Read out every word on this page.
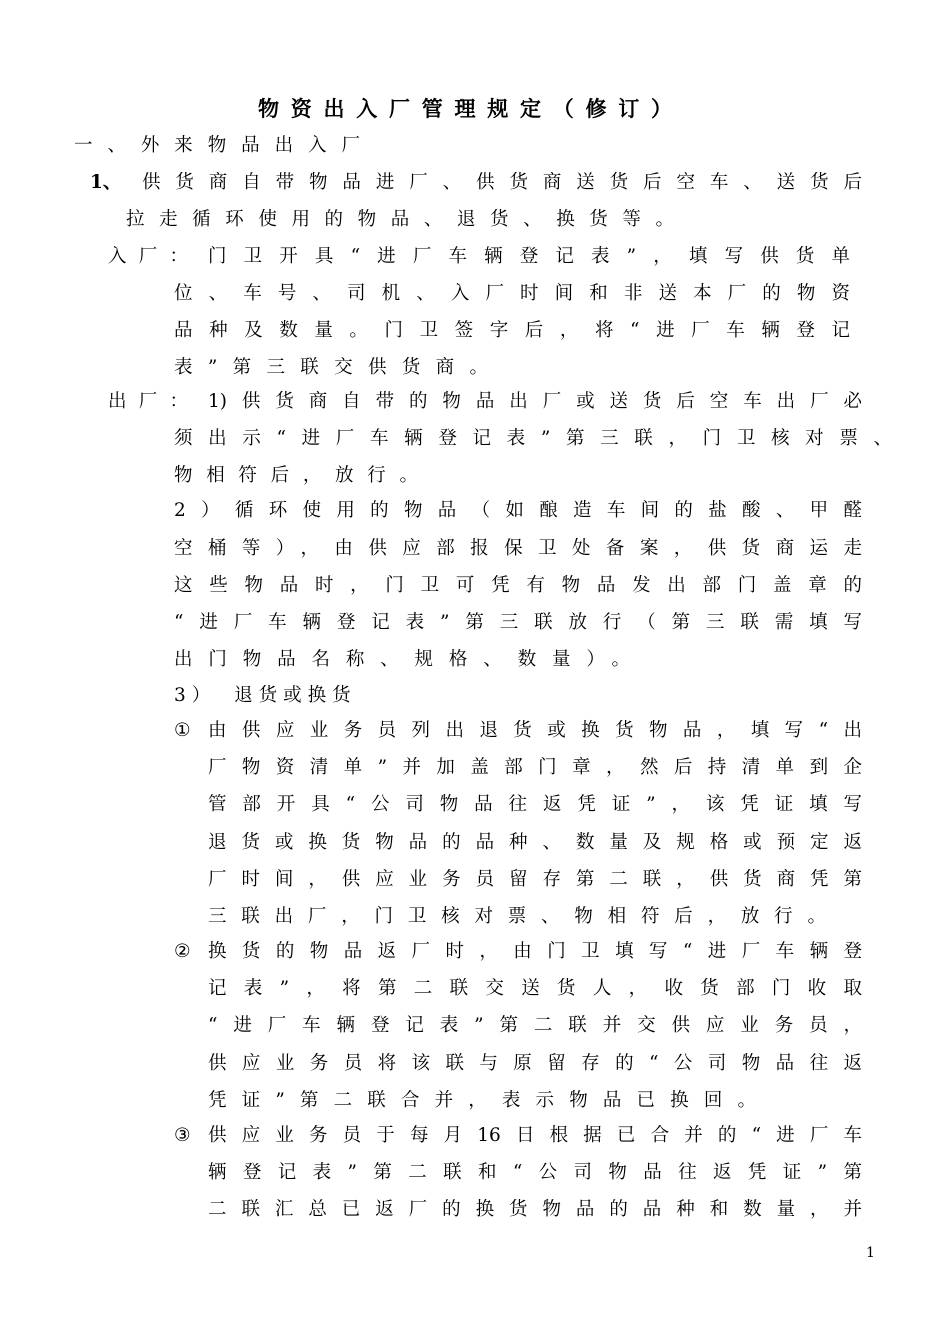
物资出入厂管理规定（修订）
一、外来物品出入厂
1、 供货商自带物品进厂、供货商送货后空车、送货后
拉走循环使用的物品、退货、换货等。
入厂： 门卫开具“进厂车辆登记表”，填写供货单
位、车号、司机、入厂时间和非送本厂的物资
品种及数量。门卫签字后，将“进厂车辆登记
表”第三联交供货商。
出厂： 1)供货商自带的物品出厂或送货后空车出厂必
须出示“进厂车辆登记表”第三联，门卫核对票、
物相符后，放行。
2）循环使用的物品（如酿造车间的盐酸、甲醛
空桶等），由供应部报保卫处备案，供货商运走
这些物品时，门卫可凭有物品发出部门盖章的
“进厂车辆登记表”第三联放行（第三联需填写
出门物品名称、规格、数量）。
3） 退货或换货
① 由供应业务员列出退货或换货物品，填写“出
厂物资清单”并加盖部门章，然后持清单到企
管部开具“公司物品往返凭证”，该凭证填写
退货或换货物品的品种、数量及规格或预定返
厂时间，供应业务员留存第二联，供货商凭第
三联出厂，门卫核对票、物相符后，放行。
② 换货的物品返厂时，由门卫填写“进厂车辆登
记表”，将第二联交送货人，收货部门收取
“进厂车辆登记表”第二联并交供应业务员，
供应业务员将该联与原留存的“公司物品往返
凭证”第二联合并，表示物品已换回。
③ 供应业务员于每月16日根据已合并的“进厂车
辆登记表”第二联和“公司物品往返凭证”第
二联汇总已返厂的换货物品的品种和数量，并
1
